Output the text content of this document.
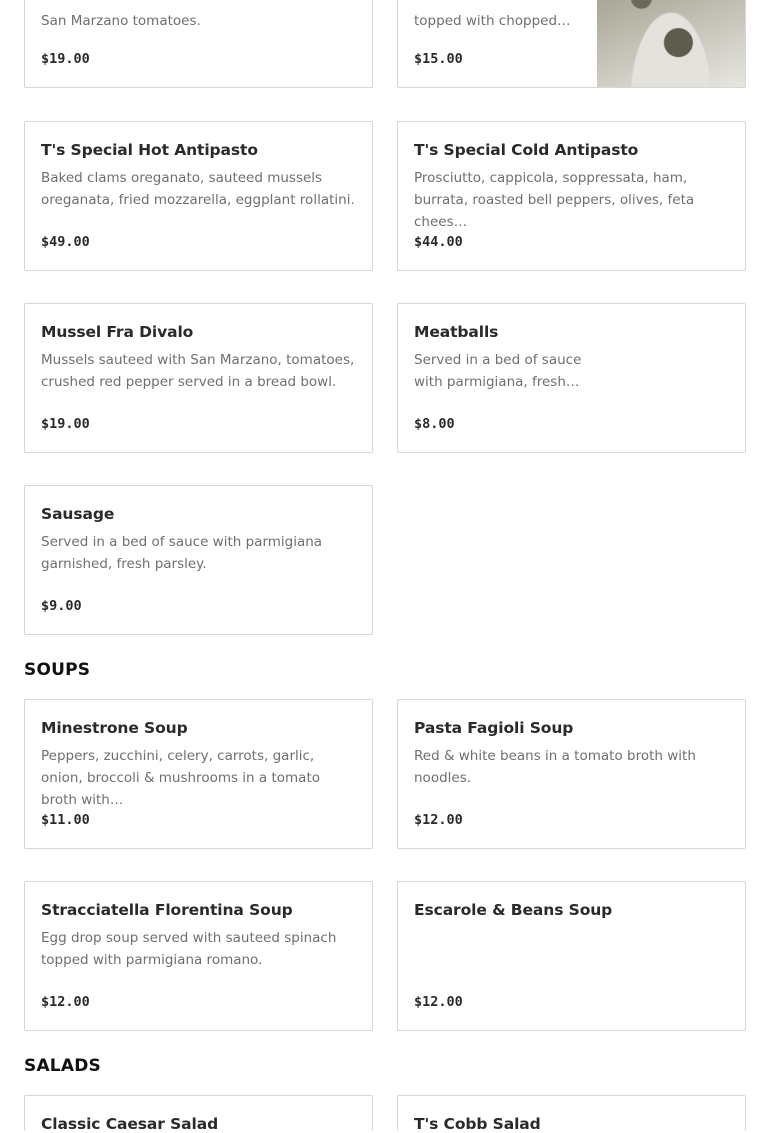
San Marzano tomatoes.
$19.00
topped with chopped…
$15.00
T's Special Hot Antipasto
Baked clams oreganato, sauteed mussels oreganata, fried mozzarella, eggplant rollatini.
$49.00
T's Special Cold Antipasto
Prosciutto, cappicola, soppressata, ham, burrata, roasted bell peppers, olives, feta chees…
$44.00
Mussel Fra Divalo
Mussels sauteed with San Marzano, tomatoes, crushed red pepper served in a bread bowl.
$19.00
Meatballs
Served in a bed of sauce with parmigiana, fresh…
$8.00
Sausage
Served in a bed of sauce with parmigiana garnished, fresh parsley.
$9.00
SOUPS
Minestrone Soup
Peppers, zucchini, celery, carrots, garlic, onion, broccoli & mushrooms in a tomato broth with…
$11.00
Pasta Fagioli Soup
Red & white beans in a tomato broth with noodles.
$12.00
Stracciatella Florentina Soup
Egg drop soup served with sauteed spinach topped with parmigiana romano.
$12.00
Escarole & Beans Soup
$12.00
SALADS
Classic Caesar Salad	T's Cobb Salad
